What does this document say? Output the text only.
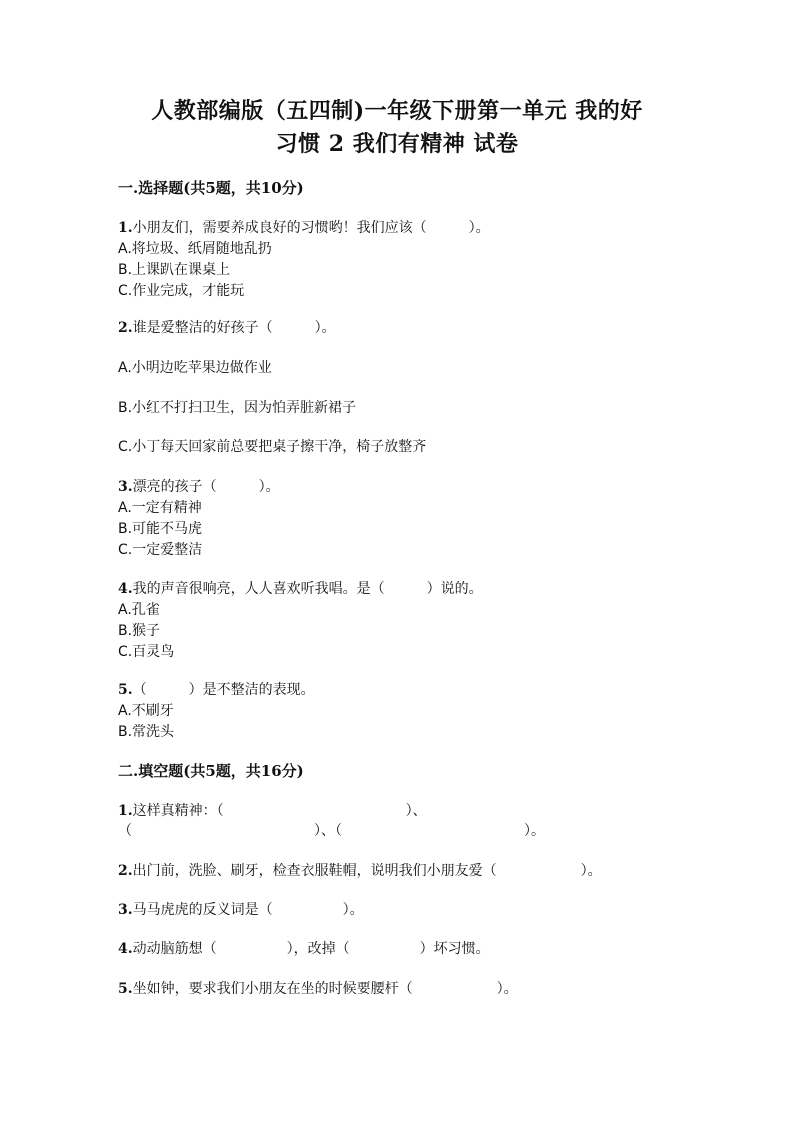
人教部编版（五四制)一年级下册第一单元 我的好
习惯 2 我们有精神 试卷
一.选择题(共5题，共10分)
1.小朋友们，需要养成良好的习惯哟！我们应该（　　　）。
A.将垃圾、纸屑随地乱扔
B.上课趴在课桌上
C.作业完成，才能玩
2.谁是爱整洁的好孩子（　　　）。
A.小明边吃苹果边做作业
B.小红不打扫卫生，因为怕弄脏新裙子
C.小丁每天回家前总要把桌子擦干净，椅子放整齐
3.漂亮的孩子（　　　）。
A.一定有精神
B.可能不马虎
C.一定爱整洁
4.我的声音很响亮，人人喜欢听我唱。是（　　　）说的。
A.孔雀
B.猴子
C.百灵鸟
5.（　　　）是不整洁的表现。
A.不刷牙
B.常洗头
二.填空题(共5题，共16分)
1.这样真精神：（　　　　　　　　　　　　　）、
（　　　　　　　　　　　　　）、（　　　　　　　　　　　　　）。
2.出门前，洗脸、刷牙，检查衣服鞋帽，说明我们小朋友爱（　　　　　　）。
3.马马虎虎的反义词是（　　　　　）。
4.动动脑筋想（　　　　　），改掉（　　　　　）坏习惯。
5.坐如钟，要求我们小朋友在坐的时候要腰杆（　　　　　　）。
